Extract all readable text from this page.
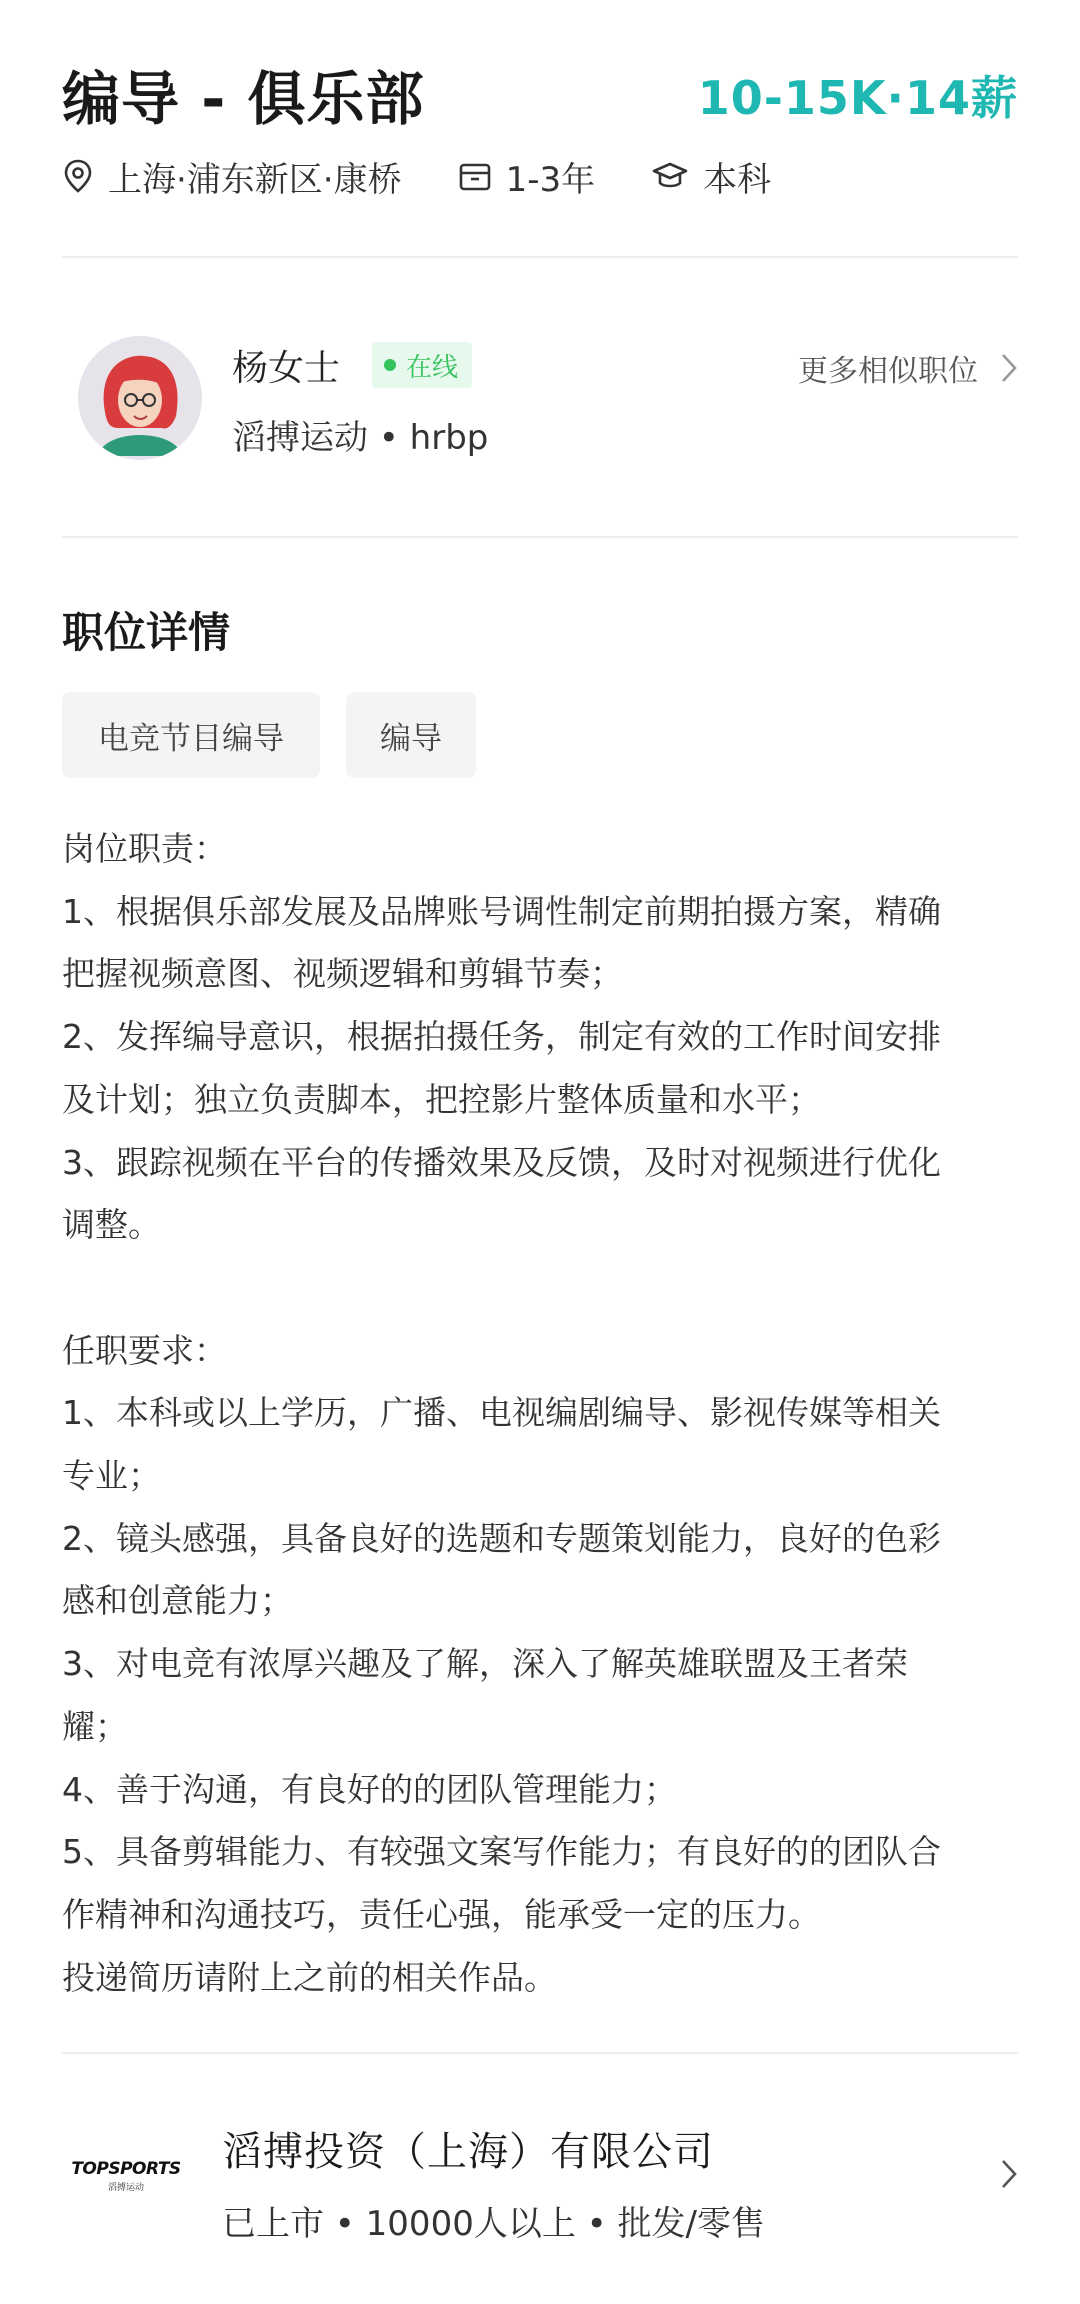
编导 - 俱乐部	10-15K·14薪
上海·浦东新区·康桥	1-3年	本科
杨女士	在线
滔搏运动 • hrbp
更多相似职位
职位详情
电竞节目编导	编导
岗位职责：
1、根据俱乐部发展及品牌账号调性制定前期拍摄方案，精确
把握视频意图、视频逻辑和剪辑节奏；
2、发挥编导意识，根据拍摄任务，制定有效的工作时间安排
及计划；独立负责脚本，把控影片整体质量和水平；
3、跟踪视频在平台的传播效果及反馈，及时对视频进行优化
调整。

任职要求：
1、本科或以上学历，广播、电视编剧编导、影视传媒等相关
专业；
2、镜头感强，具备良好的选题和专题策划能力，良好的色彩
感和创意能力；
3、对电竞有浓厚兴趣及了解，深入了解英雄联盟及王者荣
耀；
4、善于沟通，有良好的的团队管理能力；
5、具备剪辑能力、有较强文案写作能力；有良好的的团队合
作精神和沟通技巧，责任心强，能承受一定的压力。
投递简历请附上之前的相关作品。
TOPSPORTS
滔搏运动
滔搏投资（上海）有限公司
已上市 • 10000人以上 • 批发/零售
